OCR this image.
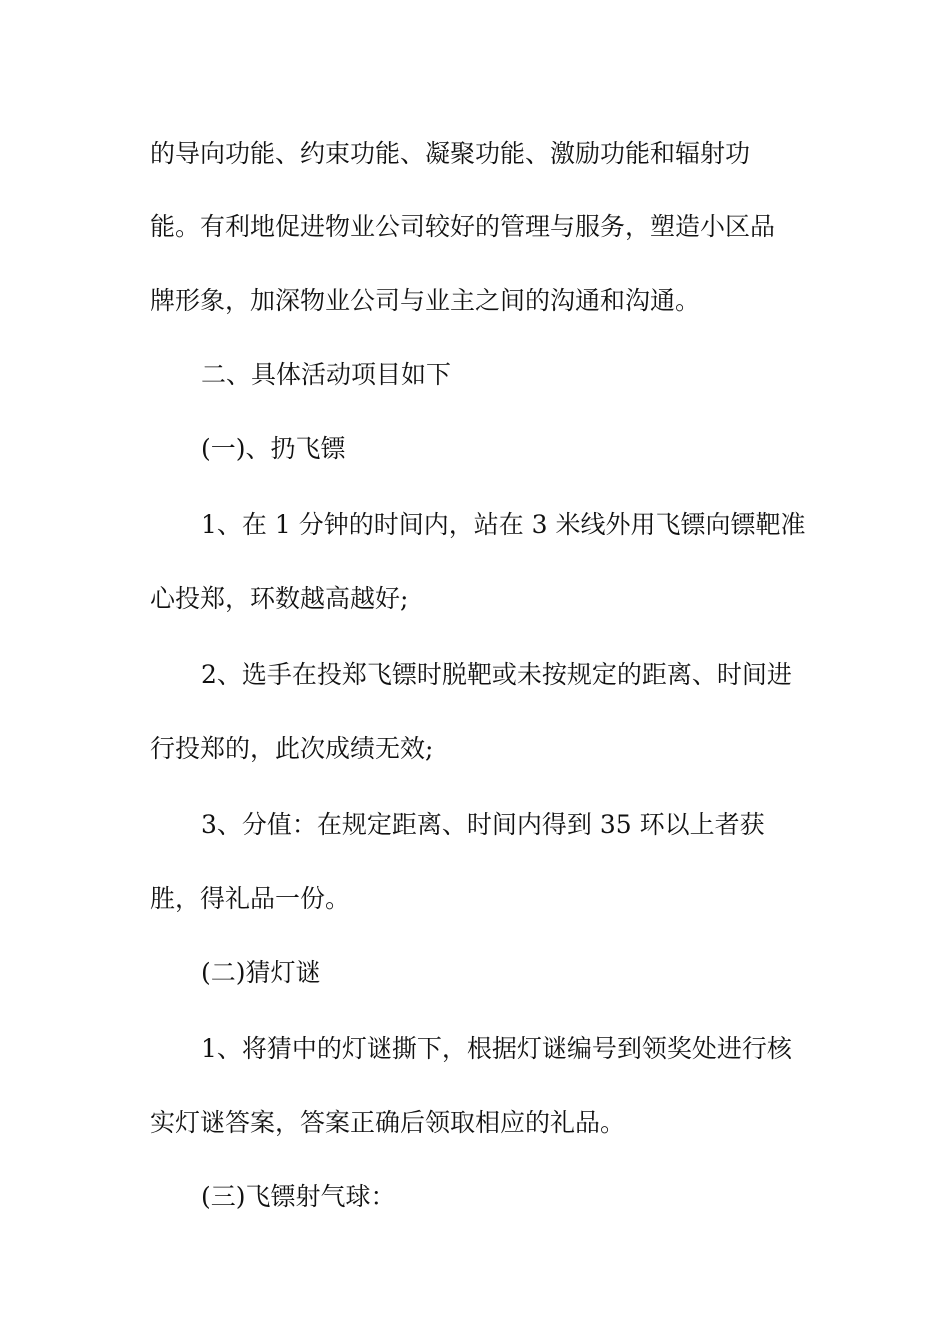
的导向功能、约束功能、凝聚功能、激励功能和辐射功
能。有利地促进物业公司较好的管理与服务，塑造小区品
牌形象，加深物业公司与业主之间的沟通和沟通。
二、具体活动项目如下
(一)、扔飞镖
1、在 1 分钟的时间内，站在 3 米线外用飞镖向镖靶准
心投郑，环数越高越好;
2、选手在投郑飞镖时脱靶或未按规定的距离、时间进
行投郑的，此次成绩无效;
3、分值：在规定距离、时间内得到 35 环以上者获
胜，得礼品一份。
(二)猜灯谜
1、将猜中的灯谜撕下，根据灯谜编号到领奖处进行核
实灯谜答案，答案正确后领取相应的礼品。
(三)飞镖射气球：
